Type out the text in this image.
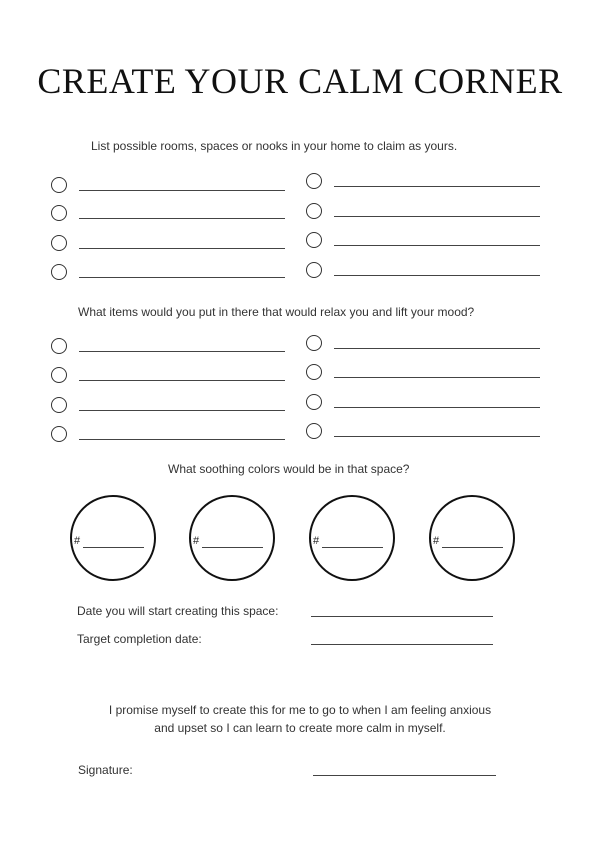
CREATE YOUR CALM CORNER
List possible rooms, spaces or nooks in your home to claim as yours.
What items would you put in there that would relax you and lift your mood?
What soothing colors would be in that space?
#	#	#	#
Date you will start creating this space:
Target completion date:
I promise myself to create this for me to go to when I am feeling anxious
and upset so I can learn to create more calm in myself.
Signature:
